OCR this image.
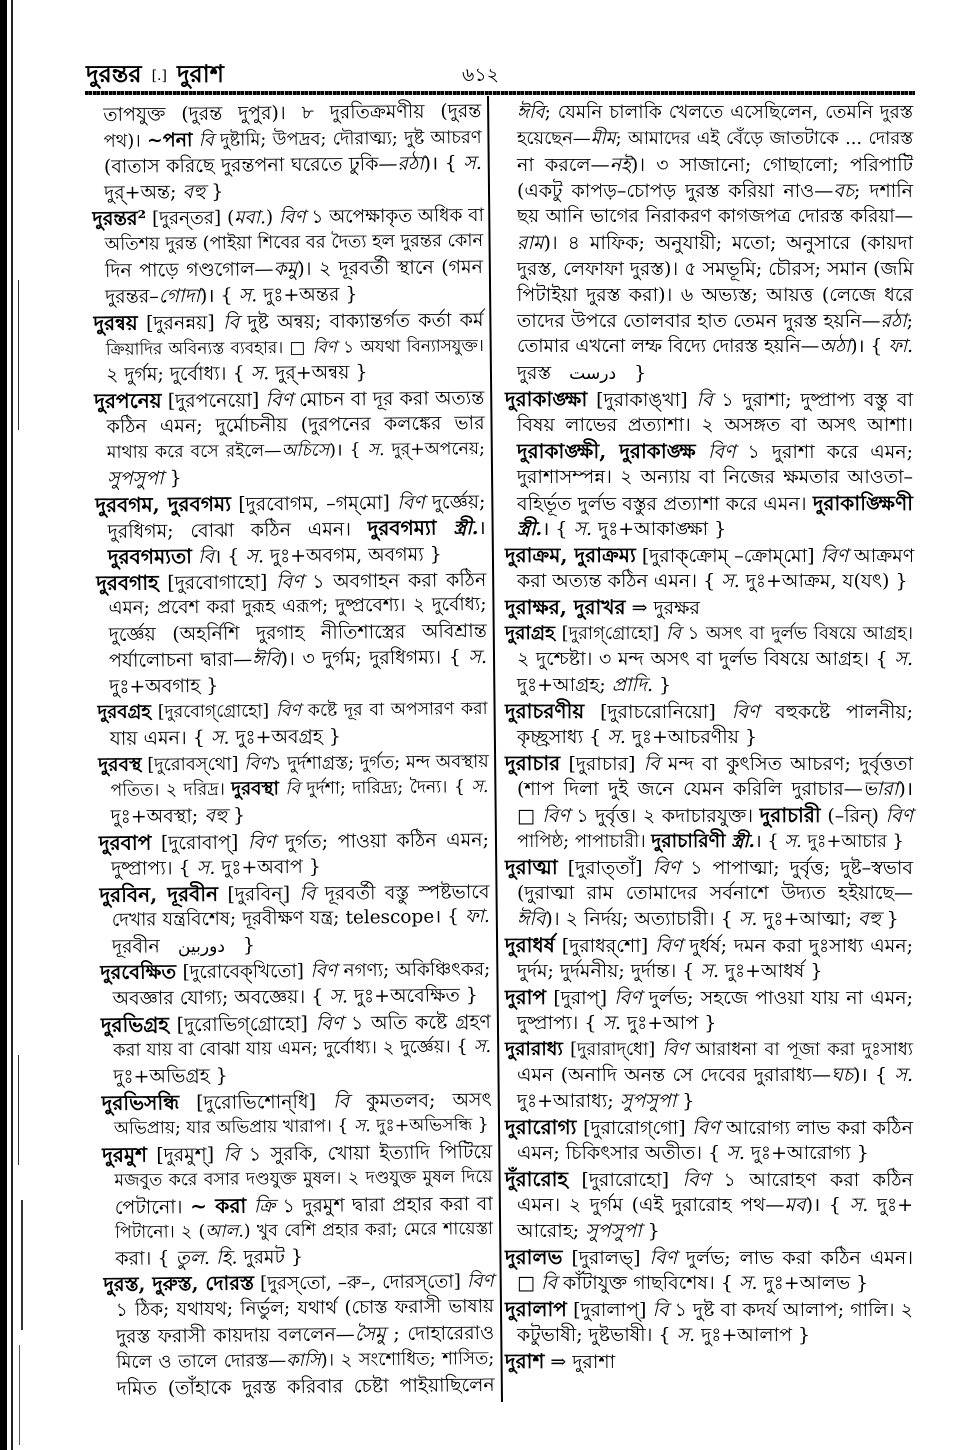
দুরন্তর [.] দুরাশ	৬১২
তাপযুক্ত (দুরন্ত দুপুর)। ৮ দুরতিক্রমণীয় (দুরন্ত
পথ)। ~পনা বি দুষ্টামি; উপদ্রব; দৌরাত্ম্য; দুষ্ট আচরণ
(বাতাস করিছে দুরন্তপনা ঘরেতে ঢুকি—রঠা)। { স.
দুর্+অন্ত; বহু }
দুরন্তর² [দুরন্‌তর] (মবা.) বিণ ১ অপেক্ষাকৃত অধিক বা
অতিশয় দুরন্ত (পাইয়া শিবের বর দৈত্য হল দুরন্তর কোন
দিন পাড়ে গণ্ডগোল—কমু)। ২ দূরবর্তী স্থানে (গমন
দুরন্তর–গোদা)। { স. দুঃ+অন্তর }
দুরন্বয় [দুরনন্নয়] বি দুষ্ট অন্বয়; বাক্যান্তর্গত কর্তা কর্ম
ক্রিয়াদির অবিন্যস্ত ব্যবহার। □ বিণ ১ অযথা বিন্যাসযুক্ত।
২ দুর্গম; দুর্বোধ্য। { স. দুর্+অন্বয় }
দুরপনেয় [দুরপনেয়ো] বিণ মোচন বা দূর করা অত্যন্ত
কঠিন এমন; দুর্মোচনীয় (দুরপনের কলঙ্কের ভার
মাথায় করে বসে রইলে—অচিসে)। { স. দুর্+অপনেয়;
সুপসুপা }
দুরবগম, দুরবগম্য [দুরবোগম, –গম্‌মো] বিণ দুর্জ্ঞেয়;
দুরধিগম; বোঝা কঠিন এমন। দুরবগম্যা স্ত্রী.।
দুরবগম্যতা বি। { স. দুঃ+অবগম, অবগম্য }
দুরবগাহ [দুরবোগাহো] বিণ ১ অবগাহন করা কঠিন
এমন; প্রবেশ করা দুরূহ এরূপ; দুষ্প্রবেশ্য। ২ দুর্বোধ্য;
দুর্জ্ঞেয় (অহর্নিশি দুরগাহ নীতিশাস্ত্রের অবিশ্রান্ত
পর্যালোচনা দ্বারা—ঈবি)। ৩ দুর্গম; দুরধিগম্য। { স.
দুঃ+অবগাহ }
দুরবগ্রহ [দুরবোগ্‌গ্রোহো] বিণ কষ্টে দূর বা অপসারণ করা
যায় এমন। { স. দুঃ+অবগ্রহ }
দুরবস্থ [দুরোবস্‌থো] বিণ১ দুর্দশাগ্রস্ত; দুর্গত; মন্দ অবস্থায়
পতিত। ২ দরিদ্র। দুরবস্থা বি দুর্দশা; দারিদ্র্য; দৈন্য। { স.
দুঃ+অবস্থা; বহু }
দুরবাপ [দুরোবাপ্‌] বিণ দুর্গত; পাওয়া কঠিন এমন;
দুষ্প্রাপ্য। { স. দুঃ+অবাপ }
দুরবিন, দূরবীন [দুরবিন্‌] বি দূরবর্তী বস্তু স্পষ্টভাবে
দেখার যন্ত্রবিশেষ; দূরবীক্ষণ যন্ত্র; telescope। { ফা.
দূরবীন دوربين }
দুরবেক্ষিত [দুরোবেক্‌খিতো] বিণ নগণ্য; অকিঞ্চিৎকর;
অবজ্ঞার যোগ্য; অবজ্ঞেয়। { স. দুঃ+অবেক্ষিত }
দুরভিগ্রহ [দুরোভিগ্‌গ্রোহো] বিণ ১ অতি কষ্টে গ্রহণ
করা যায় বা বোঝা যায় এমন; দুর্বোধ্য। ২ দুর্জ্ঞেয়। { স.
দুঃ+অভিগ্রহ }
দুরভিসন্ধি [দুরোভিশোন্‌ধি] বি কুমতলব; অসৎ
অভিপ্রায়; যার অভিপ্রায় খারাপ। { স. দুঃ+অভিসন্ধি }
দুরমুশ [দুরমুশ্‌] বি ১ সুরকি, খোয়া ইত্যাদি পিটিয়ে
মজবুত করে বসার দণ্ডযুক্ত মুষল। ২ দণ্ডযুক্ত মুষল দিয়ে
পেটানো। ~ করা ক্রি ১ দুরমুশ দ্বারা প্রহার করা বা
পিটানো। ২ (আল.) খুব বেশি প্রহার করা; মেরে শায়েস্তা
করা। { তুল. হি. দুরমট }
দুরস্ত, দুরুস্ত, দোরস্ত [দুরস্‌তো, –রু–, দোরস্‌তো] বিণ
১ ঠিক; যথাযথ; নির্ভুল; যথার্থ (চোস্ত ফরাসী ভাষায়
দুরস্ত ফরাসী কায়দায় বললেন—সৈমু ; দোহারেরাও
মিলে ও তালে দোরস্ত—কাসি)। ২ সংশোধিত; শাসিত;
দমিত (তাঁহাকে দুরস্ত করিবার চেষ্টা পাইয়াছিলেন
ঈবি; যেমনি চালাকি খেলতে এসেছিলেন, তেমনি দুরস্ত
হয়েছেন—মীম; আমাদের এই বেঁড়ে জাতটাকে ... দোরস্ত
না করলে—নই)। ৩ সাজানো; গোছালো; পরিপাটি
(একটু কাপড়–চোপড় দুরস্ত করিয়া নাও—বচ; দশানি
ছয় আনি ভাগের নিরাকরণ কাগজপত্র দোরস্ত করিয়া—
রাম)। ৪ মাফিক; অনুযায়ী; মতো; অনুসারে (কায়দা
দুরস্ত, লেফাফা দুরস্ত)। ৫ সমভূমি; চৌরস; সমান (জমি
পিটাইয়া দুরস্ত করা)। ৬ অভ্যস্ত; আয়ত্ত (লেজে ধরে
তাদের উপরে তোলবার হাত তেমন দুরস্ত হয়নি—রঠা;
তোমার এখনো লম্ফ বিদ্যে দোরস্ত হয়নি—অঠা)। { ফা.
দুরস্ত درست }
দুরাকাঙ্ক্ষা [দুরাকাঙ্‌খা] বি ১ দুরাশা; দুষ্প্রাপ্য বস্তু বা
বিষয় লাভের প্রত্যাশা। ২ অসঙ্গত বা অসৎ আশা।
দুরাকাঙ্ক্ষী, দুরাকাঙ্ক্ষ বিণ ১ দুরাশা করে এমন;
দুরাশাসম্পন্ন। ২ অন্যায় বা নিজের ক্ষমতার আওতা–
বহির্ভূত দুর্লভ বস্তুর প্রত্যাশা করে এমন। দুরাকাঙ্ক্ষিণী
স্ত্রী.। { স. দুঃ+আকাঙ্ক্ষা }
দুরাক্রম, দুরাক্রম্য [দুরাক্‌ক্রোম্‌ –ক্রোম্‌মো] বিণ আক্রমণ
করা অত্যন্ত কঠিন এমন। { স. দুঃ+আক্রম, য(যৎ) }
দুরাক্ষর, দুরাখর ⇒ দুরক্ষর
দুরাগ্রহ [দুরাগ্‌গ্রোহো] বি ১ অসৎ বা দুর্লভ বিষয়ে আগ্রহ।
২ দুশ্চেষ্টা। ৩ মন্দ অসৎ বা দুর্লভ বিষয়ে আগ্রহ। { স.
দুঃ+আগ্রহ; প্রাদি. }
দুরাচরণীয় [দুরাচরোনিয়ো] বিণ বহুকষ্টে পালনীয়;
কৃচ্ছ্রসাধ্য { স. দুঃ+আচরণীয় }
দুরাচার [দুরাচার] বি মন্দ বা কুৎসিত আচরণ; দুর্বৃত্ততা
(শাপ দিলা দুই জনে যেমন করিলি দুরাচার—ভারা)।
□ বিণ ১ দুর্বৃত্ত। ২ কদাচারযুক্ত। দুরাচারী (–রিন্‌) বিণ
পাপিষ্ঠ; পাপাচারী। দুরাচারিণী স্ত্রী.। { স. দুঃ+আচার }
দুরাত্মা [দুরাত্‌তাঁ] বিণ ১ পাপাত্মা; দুর্বৃত্ত; দুষ্ট–স্বভাব
(দুরাত্মা রাম তোমাদের সর্বনাশে উদ্যত হইয়াছে—
ঈবি)। ২ নির্দয়; অত্যাচারী। { স. দুঃ+আত্মা; বহু }
দুরাধর্ষ [দুরাধর্‌শো] বিণ দুর্ধর্ষ; দমন করা দুঃসাধ্য এমন;
দুর্দম; দুর্দমনীয়; দুর্দান্ত। { স. দুঃ+আধর্ষ }
দুরাপ [দুরাপ্‌] বিণ দুর্লভ; সহজে পাওয়া যায় না এমন;
দুষ্প্রাপ্য। { স. দুঃ+আপ }
দুরারাধ্য [দুরারাদ্‌ধো] বিণ আরাধনা বা পূজা করা দুঃসাধ্য
এমন (অনাদি অনন্ত সে দেবের দুরারাধ্য—ঘচ)। { স.
দুঃ+আরাধ্য; সুপসুপা }
দুরারোগ্য [দুরারোগ্‌গো] বিণ আরোগ্য লাভ করা কঠিন
এমন; চিকিৎসার অতীত। { স. দুঃ+আরোগ্য }
দুঁরারোহ [দুরারোহো] বিণ ১ আরোহণ করা কঠিন
এমন। ২ দুর্গম (এই দুরারোহ পথ—মব)। { স. দুঃ+
আরোহ; সুপসুপা }
দুরালভ [দুরালভ্‌] বিণ দুর্লভ; লাভ করা কঠিন এমন।
□ বি কাঁটাযুক্ত গাছবিশেষ। { স. দুঃ+আলভ }
দুরালাপ [দুরালাপ্‌] বি ১ দুষ্ট বা কদর্য আলাপ; গালি। ২
কটুভাষী; দুষ্টভাষী। { স. দুঃ+আলাপ }
দুরাশ ⇒ দুরাশা
